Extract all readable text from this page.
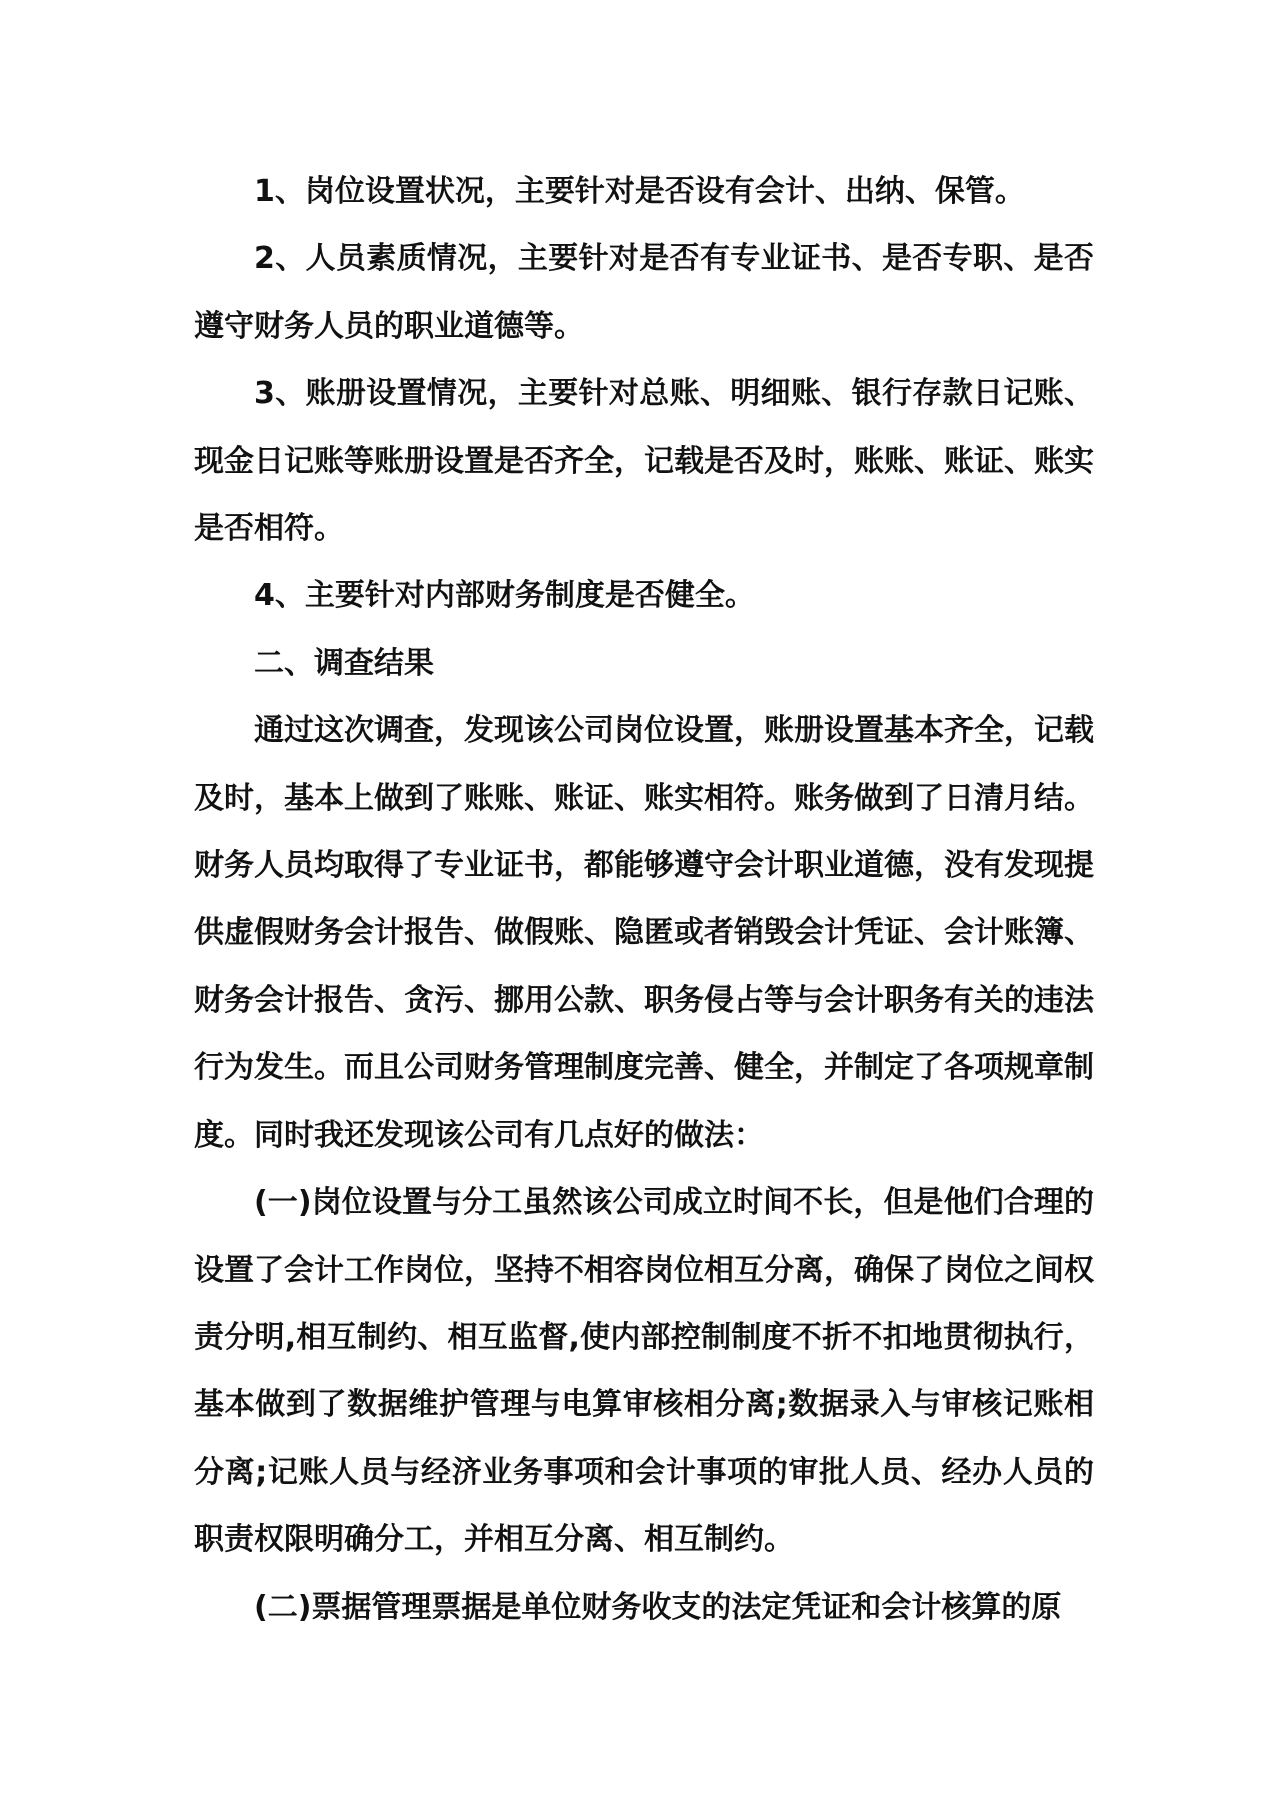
1、岗位设置状况，主要针对是否设有会计、出纳、保管。

2、人员素质情况，主要针对是否有专业证书、是否专职、是否遵守财务人员的职业道德等。

3、账册设置情况，主要针对总账、明细账、银行存款日记账、现金日记账等账册设置是否齐全，记载是否及时，账账、账证、账实是否相符。

4、主要针对内部财务制度是否健全。

二、调查结果

通过这次调查，发现该公司岗位设置，账册设置基本齐全，记载及时，基本上做到了账账、账证、账实相符。账务做到了日清月结。财务人员均取得了专业证书，都能够遵守会计职业道德，没有发现提供虚假财务会计报告、做假账、隐匿或者销毁会计凭证、会计账簿、财务会计报告、贪污、挪用公款、职务侵占等与会计职务有关的违法行为发生。而且公司财务管理制度完善、健全，并制定了各项规章制度。同时我还发现该公司有几点好的做法：

(一)岗位设置与分工虽然该公司成立时间不长，但是他们合理的设置了会计工作岗位，坚持不相容岗位相互分离，确保了岗位之间权责分明,相互制约、相互监督,使内部控制制度不折不扣地贯彻执行，基本做到了数据维护管理与电算审核相分离;数据录入与审核记账相分离;记账人员与经济业务事项和会计事项的审批人员、经办人员的职责权限明确分工，并相互分离、相互制约。

(二)票据管理票据是单位财务收支的法定凭证和会计核算的原
